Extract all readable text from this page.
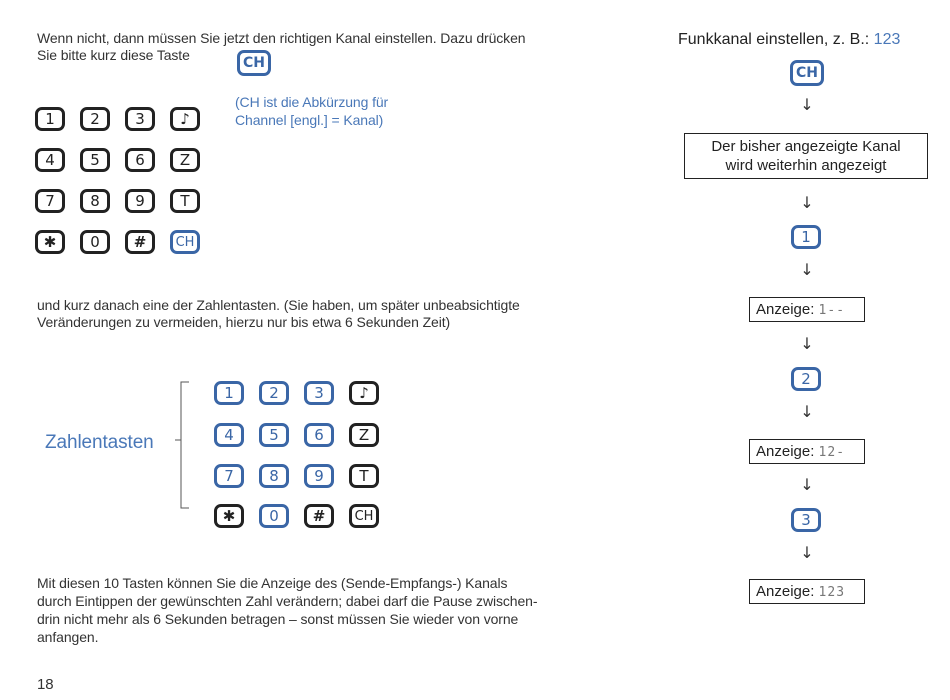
Wenn nicht, dann müssen Sie jetzt den richtigen Kanal einstellen. Dazu drücken
Sie bitte kurz diese Taste	CH
(CH ist die Abkürzung für
Channel [engl.] = Kanal)
1	2	3	♪
4	5	6	Z
7	8	9	T
✱	0	#	CH
und kurz danach eine der Zahlentasten. (Sie haben, um später unbeabsichtigte
Veränderungen zu vermeiden, hierzu nur bis etwa 6 Sekunden Zeit)
Zahlentasten
1	2	3	♪
4	5	6	Z
7	8	9	T
✱	0	#	CH
Mit diesen 10 Tasten können Sie die Anzeige des (Sende-Empfangs-) Kanals
durch Eintippen der gewünschten Zahl verändern; dabei darf die Pause zwischen-
drin nicht mehr als 6 Sekunden betragen – sonst müssen Sie wieder von vorne
anfangen.
18
Funkkanal einstellen, z. B.: 123
CH
↓
Der bisher angezeigte Kanal
wird weiterhin angezeigt
↓
1
↓
Anzeige: 1--
↓
2
↓
Anzeige: 12-
↓
3
↓
Anzeige: 123
